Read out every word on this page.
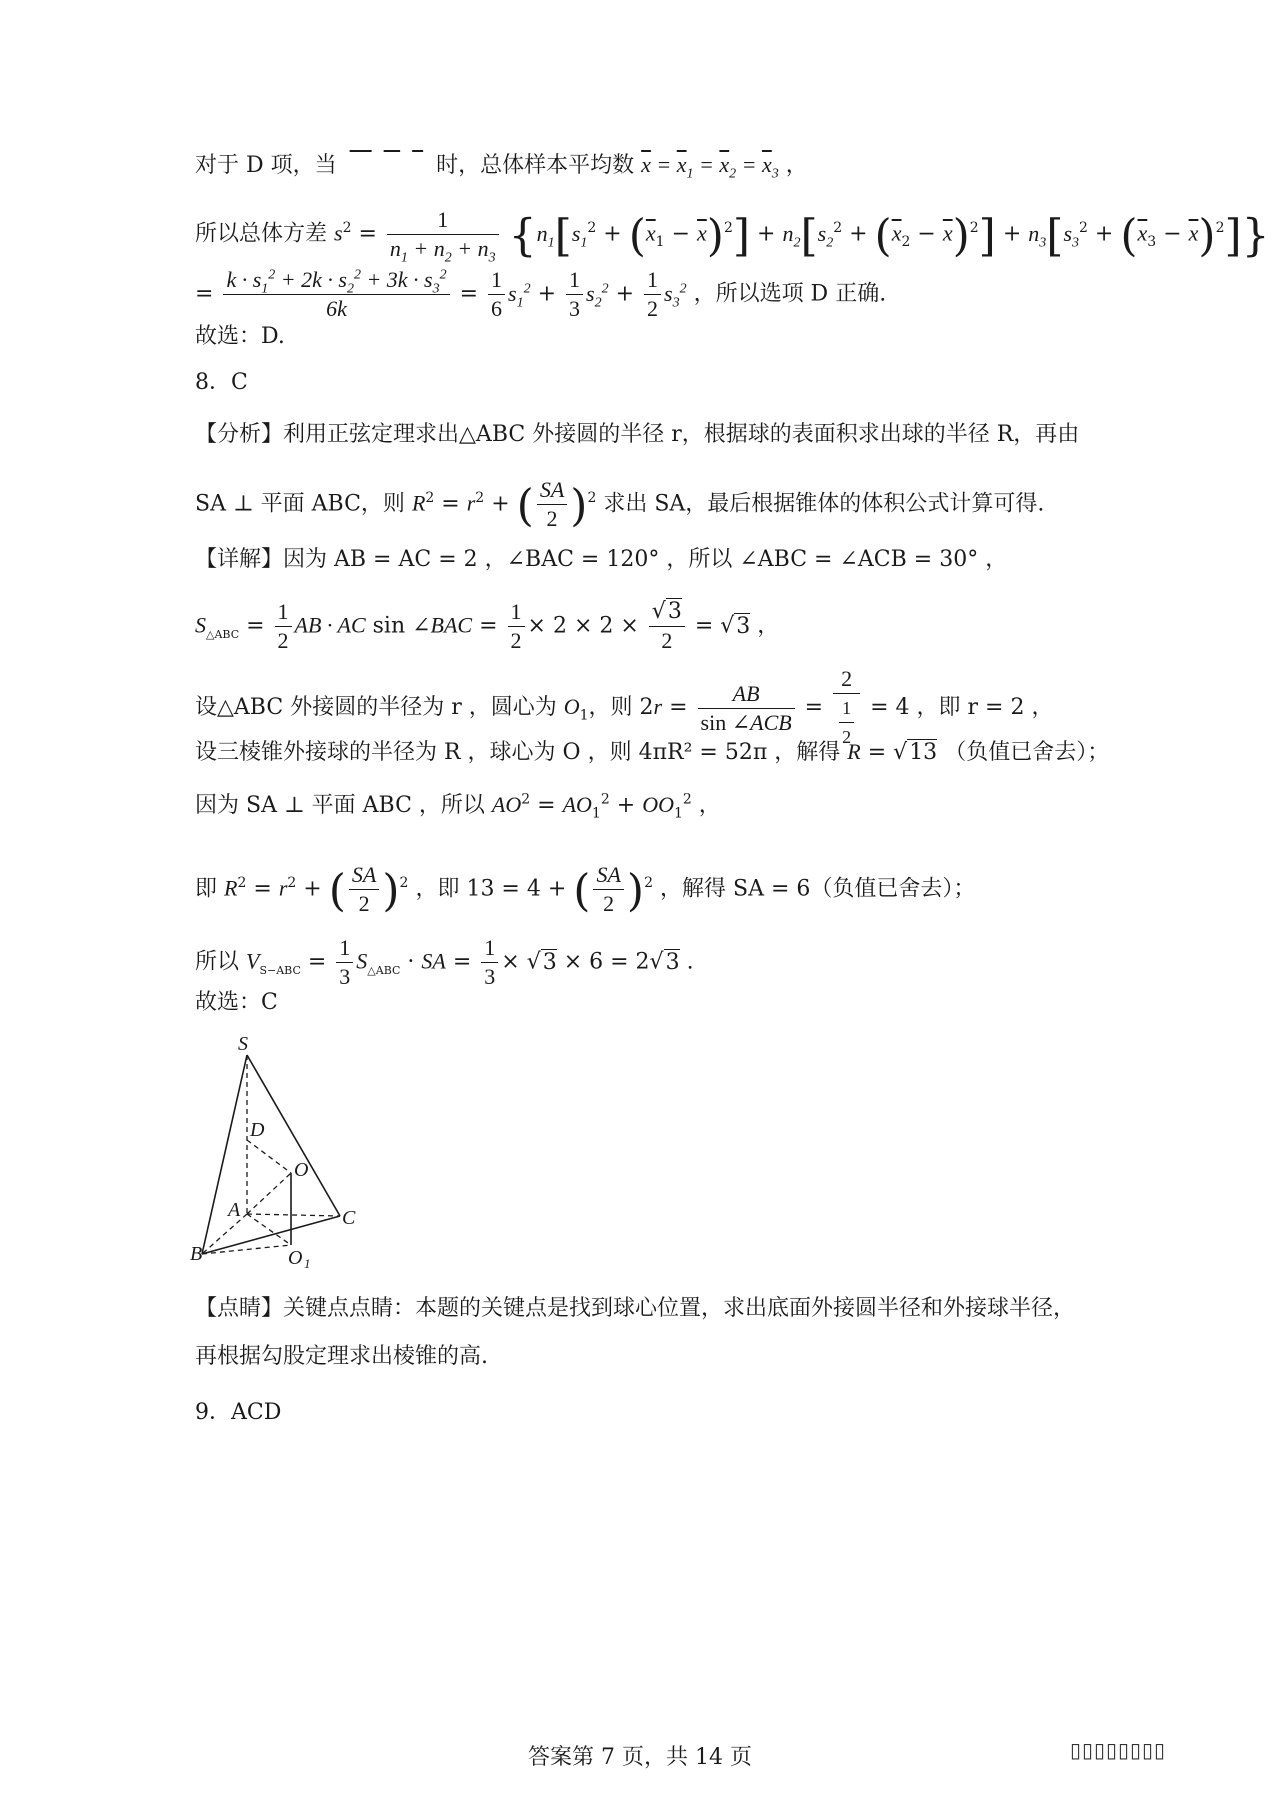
对于 D 项，当	时，总体样本平均数 $\overline{x} = \overline{x}_1 = \overline{x}_2 = \overline{x}_3$ ，
所以总体方差 $s^2 = \frac{1}{n_1 + n_2 + n_3} \{n_1[s_1^2 + (\overline{x}_1 - \overline{x})^2] + n_2[s_2^2 + (\overline{x}_2 - \overline{x})^2] + n_3[s_3^2 + (\overline{x}_3 - \overline{x})^2]\}$
= $\frac{k \cdot s_1^2 + 2k \cdot s_2^2 + 3k \cdot s_3^2}{6k} = \frac{1}{6} s_1^2 + \frac{1}{3} s_2^2 + \frac{1}{2} s_3^2$ ，所以选项 D 正确.
故选：D.
8．C
【分析】利用正弦定理求出△ABC 外接圆的半径 r，根据球的表面积求出球的半径 R，再由
SA ⊥ 平面 ABC，则 $R^2 = r^2$ + ( $\frac{SA}{2} )^2$ 求出 SA，最后根据锥体的体积公式计算可得.
【详解】因为 AB = AC = 2 ，∠BAC = 120° ，所以 ∠ABC = ∠ACB = 30° ，
$S_{\triangle ABC} = \frac{1}{2}$ AB · AC sin ∠BAC = $\frac{1}{2} \times 2 \times 2 \times \frac{√3}{2} = √3$ ，
设△ABC 外接圆的半径为 r ，圆心为 $O_1$，则 $2r = \frac{AB}{\text{sin ∠ACB}} = 2$
1
2 = 4 ，即 r = 2 ，
设三棱锥外接球的半径为 R ，球心为 O ，则 4πR² = 52π ，解得 R = √13 （负值已舍去）；
因为 SA ⊥ 平面 ABC ，所以 $AO^2 = AO_1^2 + OO_1^2$ ，
即 $R^2 = r^2$ + ( $\frac{SA}{2} )^2$ ，即 13 = 4 + ( $\frac{SA}{2} )^2$ ，解得 SA = 6（负值已舍去）；
所以 $V_{S-ABC} = \frac{1}{3} S_{\triangle ABC}$ · SA = $\frac{1}{3} \times √3 \times 6 = 2√3$ .
故选：C
S
D
O
A	C
B	O 1
【点睛】关键点点睛：本题的关键点是找到球心位置，求出底面外接圆半径和外接球半径，
再根据勾股定理求出棱锥的高.
9．ACD
答案第 7 页，共 14 页	▯▯▯▯▯▯▯▯
